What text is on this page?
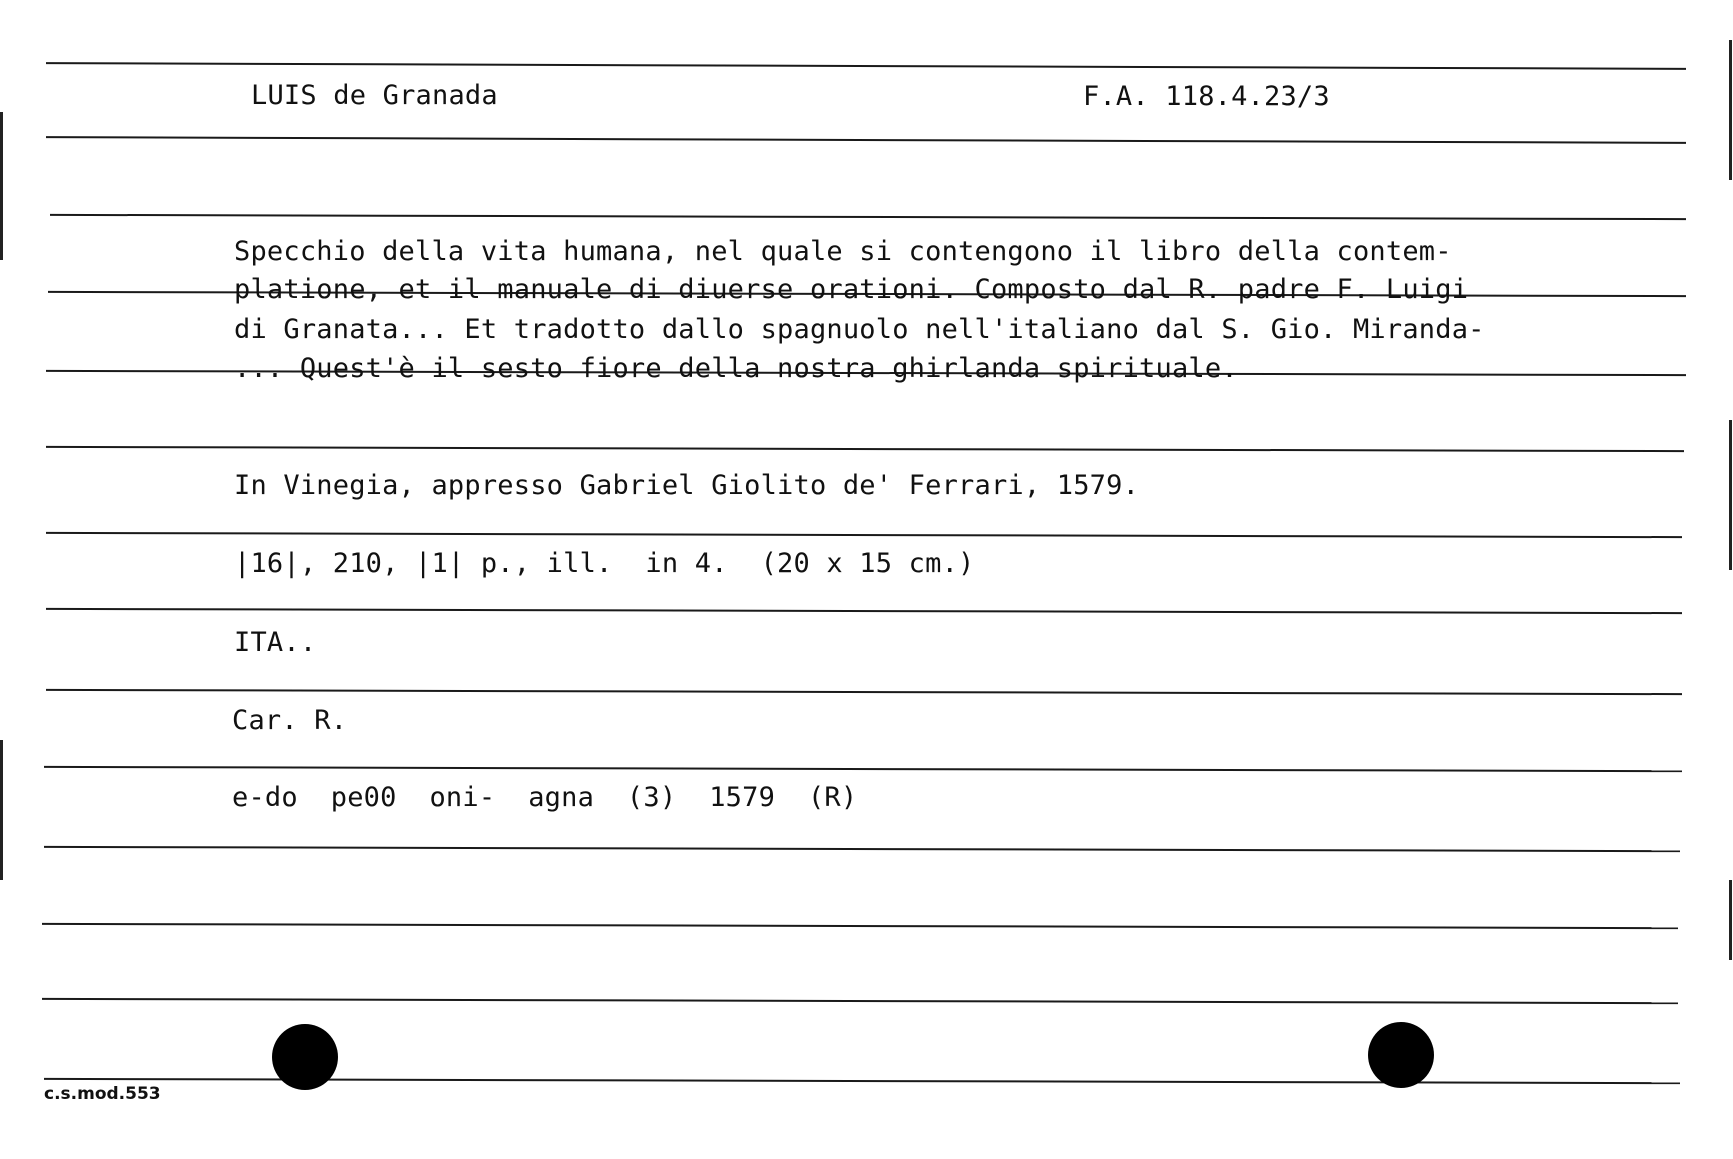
LUIS de Granada	F.A. 118.4.23/3
Specchio della vita humana, nel quale si contengono il libro della contem-
platione, et il manuale di diuerse orationi. Composto dal R. padre F. Luigi
di Granata... Et tradotto dallo spagnuolo nell'italiano dal S. Gio. Miranda-
... Quest'è il sesto fiore della nostra ghirlanda spirituale.
In Vinegia, appresso Gabriel Giolito de' Ferrari, 1579.
|16|, 210, |1| p., ill.  in 4.  (20 x 15 cm.)
ITA..
Car. R.
e-do  pe00  oni-  agna  (3)  1579  (R)
c.s.mod.553
